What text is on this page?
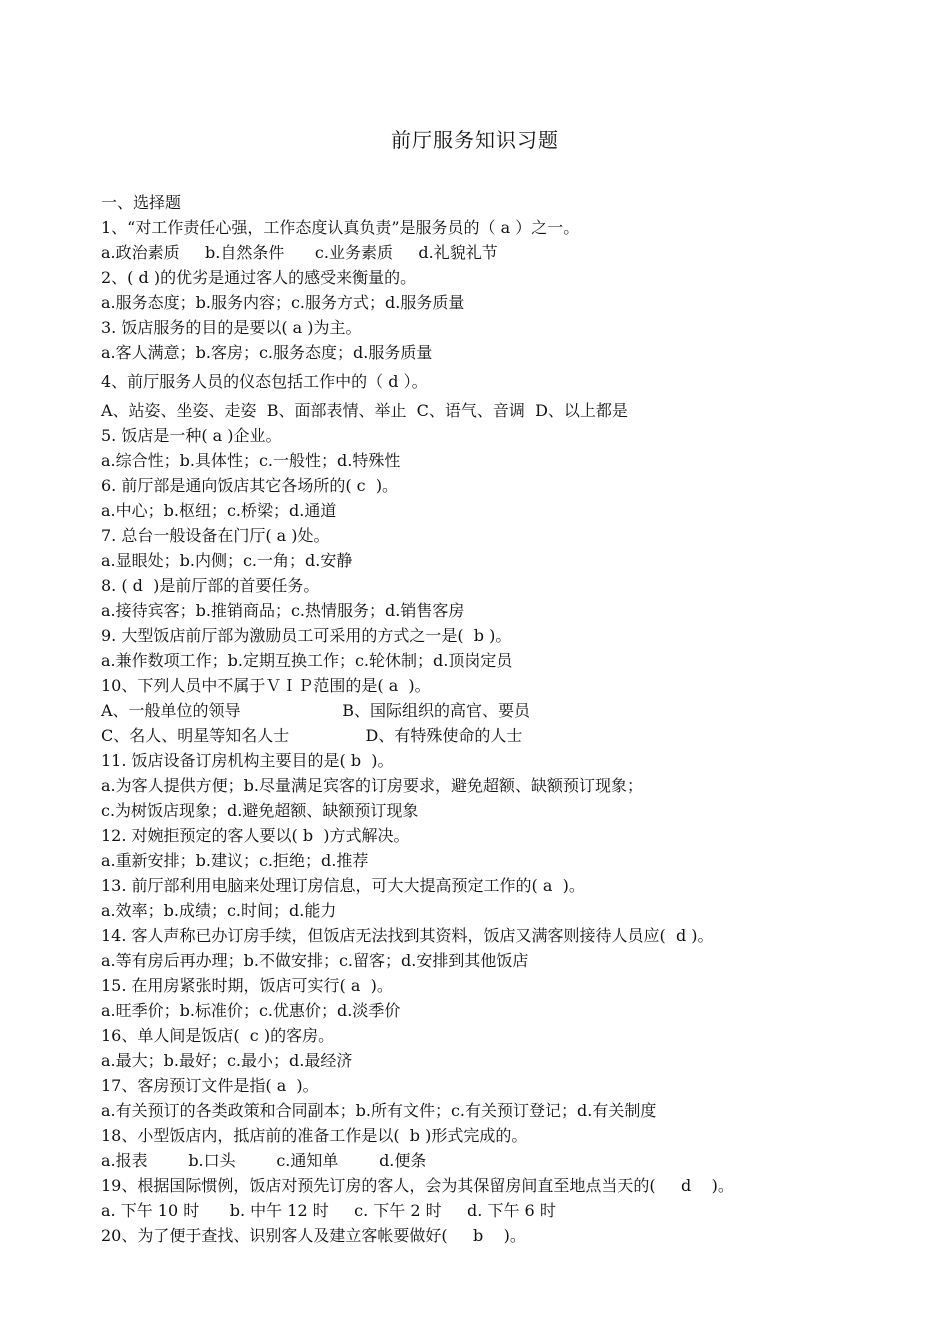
前厅服务知识习题
一、选择题
1、“对工作责任心强，工作态度认真负责”是服务员的（ a ）之一。
a.政治素质     b.自然条件      c.业务素质     d.礼貌礼节
2、( d )的优劣是通过客人的感受来衡量的。
a.服务态度；b.服务内容；c.服务方式；d.服务质量
3. 饭店服务的目的是要以( a )为主。
a.客人满意；b.客房；c.服务态度；d.服务质量
4、前厅服务人员的仪态包括工作中的（ d ）。
A、站姿、坐姿、走姿  B、面部表情、举止  C、语气、音调  D、以上都是
5. 饭店是一种( a )企业。
a.综合性；b.具体性；c.一般性；d.特殊性
6. 前厅部是通向饭店其它各场所的( c  )。
a.中心；b.枢纽；c.桥梁；d.通道
7. 总台一般设备在门厅( a )处。
a.显眼处；b.内侧；c.一角；d.安静
8. ( d  )是前厅部的首要任务。
a.接待宾客；b.推销商品；c.热情服务；d.销售客房
9. 大型饭店前厅部为激励员工可采用的方式之一是(  b )。
a.兼作数项工作；b.定期互换工作；c.轮休制；d.顶岗定员
10、下列人员中不属于ＶＩＰ范围的是( a  )。
A、一般单位的领导                    B、国际组织的高官、要员
C、名人、明星等知名人士               D、有特殊使命的人士
11. 饭店设备订房机构主要目的是( b  )。
a.为客人提供方便；b.尽量满足宾客的订房要求，避免超额、缺额预订现象；
c.为树饭店现象；d.避免超额、缺额预订现象
12. 对婉拒预定的客人要以( b  )方式解决。
a.重新安排；b.建议；c.拒绝；d.推荐
13. 前厅部利用电脑来处理订房信息，可大大提高预定工作的( a  )。
a.效率；b.成绩；c.时间；d.能力
14. 客人声称已办订房手续，但饭店无法找到其资料，饭店又满客则接待人员应(  d )。
a.等有房后再办理；b.不做安排；c.留客；d.安排到其他饭店
15. 在用房紧张时期，饭店可实行( a  )。
a.旺季价；b.标准价；c.优惠价；d.淡季价
16、单人间是饭店(  c )的客房。
a.最大；b.最好；c.最小；d.最经济
17、客房预订文件是指( a  )。
a.有关预订的各类政策和合同副本；b.所有文件；c.有关预订登记；d.有关制度
18、小型饭店内，抵店前的准备工作是以(  b )形式完成的。
a.报表        b.口头        c.通知单        d.便条
19、根据国际惯例，饭店对预先订房的客人，会为其保留房间直至地点当天的(     d    )。
a. 下午 10 时      b. 中午 12 时     c. 下午 2 时     d. 下午 6 时
20、为了便于查找、识别客人及建立客帐要做好(     b    )。
